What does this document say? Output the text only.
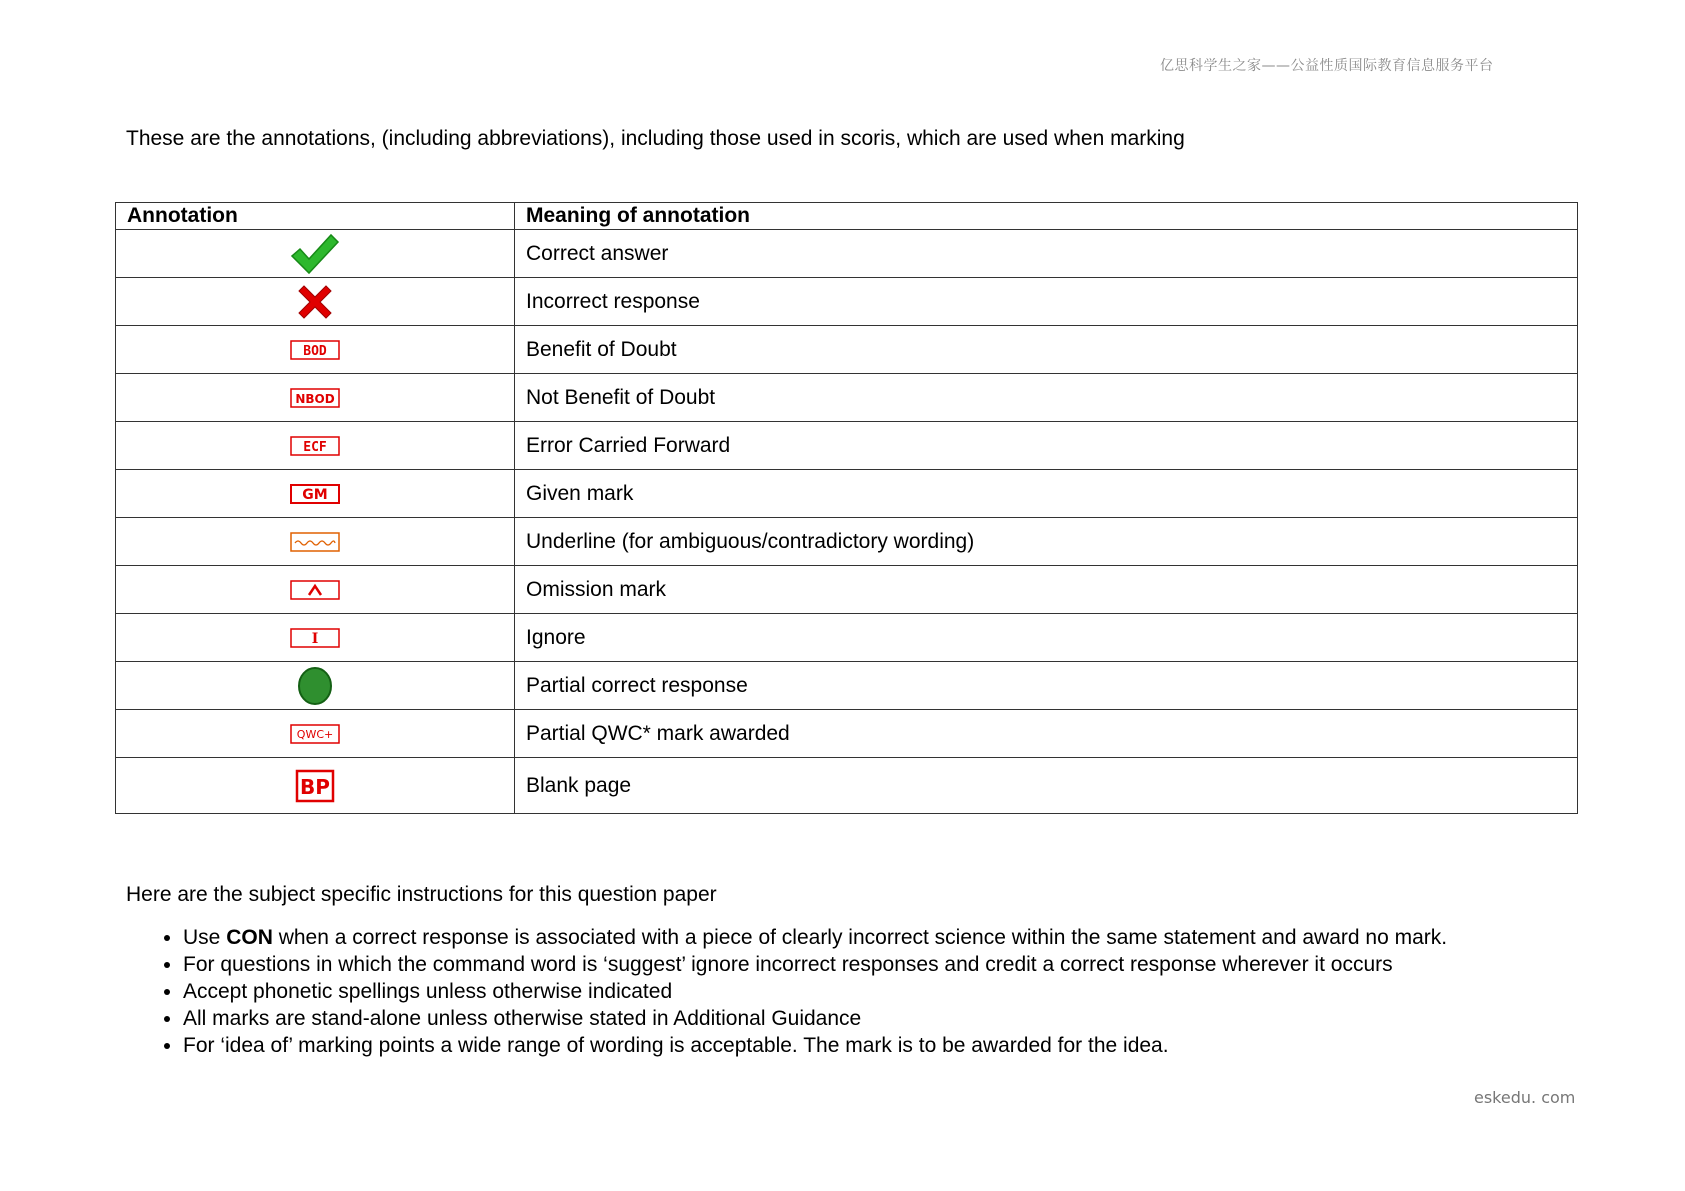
亿思科学生之家——公益性质国际教育信息服务平台
These are the annotations, (including abbreviations), including those used in scoris, which are used when marking
Annotation	Meaning of annotation
	Correct answer
	Incorrect response

BOD	Benefit of Doubt

NBOD	Not Benefit of Doubt

ECF	Error Carried Forward

GM	Given mark
	Underline (for ambiguous/contradictory wording)
	Omission mark

I	Ignore
	Partial correct response

QWC+	Partial QWC* mark awarded

BP	Blank page
Here are the subject specific instructions for this question paper
• Use CON when a correct response is associated with a piece of clearly incorrect science within the same statement and award no mark.
• For questions in which the command word is ‘suggest’ ignore incorrect responses and credit a correct response wherever it occurs
• Accept phonetic spellings unless otherwise indicated
• All marks are stand-alone unless otherwise stated in Additional Guidance
• For ‘idea of’ marking points a wide range of wording is acceptable. The mark is to be awarded for the idea.
eskedu. com
